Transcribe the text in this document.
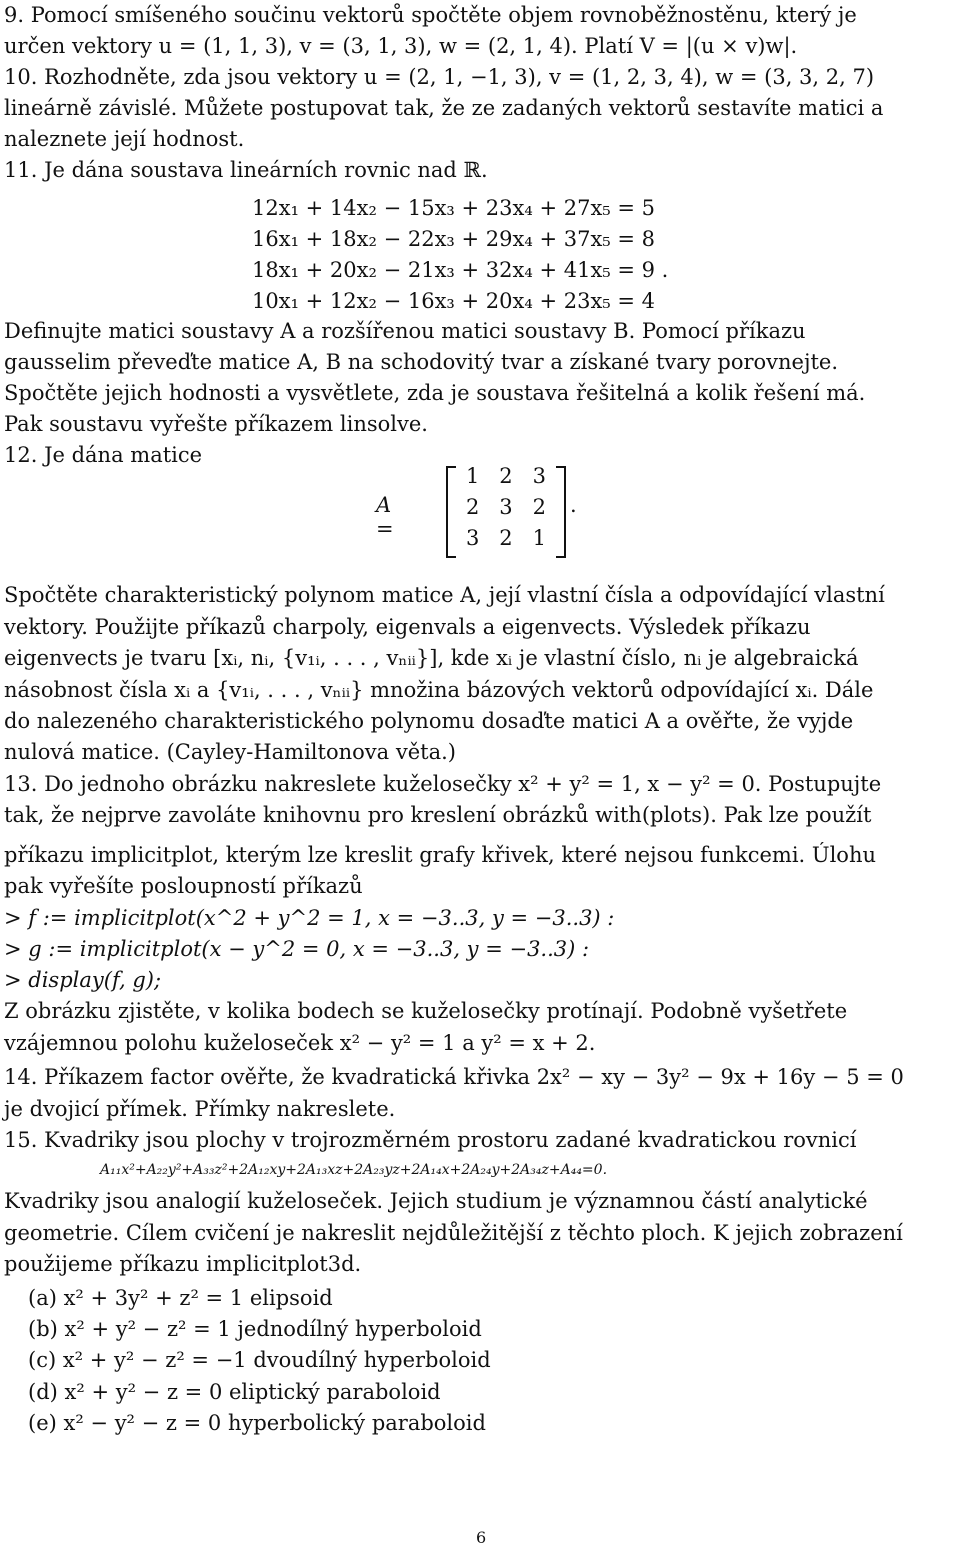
9. Pomocí smíšeného součinu vektorů spočtěte objem rovnoběžnostěnu, který je
určen vektory u = (1, 1, 3), v = (3, 1, 3), w = (2, 1, 4). Platí V = |(u × v)w|.
10. Rozhodněte, zda jsou vektory u = (2, 1, −1, 3), v = (1, 2, 3, 4), w = (3, 3, 2, 7)
lineárně závislé. Můžete postupovat tak, že ze zadaných vektorů sestavíte matici a
naleznete její hodnost.
11. Je dána soustava lineárních rovnic nad ℝ.
12x₁ + 14x₂ − 15x₃ + 23x₄ + 27x₅ = 5
16x₁ + 18x₂ − 22x₃ + 29x₄ + 37x₅ = 8
18x₁ + 20x₂ − 21x₃ + 32x₄ + 41x₅ = 9 .
10x₁ + 12x₂ − 16x₃ + 20x₄ + 23x₅ = 4
Definujte matici soustavy A a rozšířenou matici soustavy B. Pomocí příkazu
gausselim převeďte matice A, B na schodovitý tvar a získané tvary porovnejte.
Spočtěte jejich hodnosti a vysvětlete, zda je soustava řešitelná a kolik řešení má.
Pak soustavu vyřešte příkazem linsolve.
12. Je dána matice
A =
1 2 3
2 3 2
3 2 1
.
Spočtěte charakteristický polynom matice A, její vlastní čísla a odpovídající vlastní
vektory. Použijte příkazů charpoly, eigenvals a eigenvects. Výsledek příkazu
eigenvects je tvaru [xᵢ, nᵢ, {v₁ᵢ, . . . , vₙᵢᵢ}], kde xᵢ je vlastní číslo, nᵢ je algebraická
násobnost čísla xᵢ a {v₁ᵢ, . . . , vₙᵢᵢ} množina bázových vektorů odpovídající xᵢ. Dále
do nalezeného charakteristického polynomu dosaďte matici A a ověřte, že vyjde
nulová matice. (Cayley-Hamiltonova věta.)
13. Do jednoho obrázku nakreslete kuželosečky x² + y² = 1, x − y² = 0. Postupujte
tak, že nejprve zavoláte knihovnu pro kreslení obrázků with(plots). Pak lze použít
příkazu implicitplot, kterým lze kreslit grafy křivek, které nejsou funkcemi. Úlohu
pak vyřešíte posloupností příkazů
> f := implicitplot(x^2 + y^2 = 1, x = −3..3, y = −3..3) :
> g := implicitplot(x − y^2 = 0, x = −3..3, y = −3..3) :
> display(f, g);
Z obrázku zjistěte, v kolika bodech se kuželosečky protínají. Podobně vyšetřete
vzájemnou polohu kuželoseček x² − y² = 1 a y² = x + 2.
14. Příkazem factor ověřte, že kvadratická křivka 2x² − xy − 3y² − 9x + 16y − 5 = 0
je dvojicí přímek. Přímky nakreslete.
15. Kvadriky jsou plochy v trojrozměrném prostoru zadané kvadratickou rovnicí
A₁₁x²+A₂₂y²+A₃₃z²+2A₁₂xy+2A₁₃xz+2A₂₃yz+2A₁₄x+2A₂₄y+2A₃₄z+A₄₄=0.
Kvadriky jsou analogií kuželoseček. Jejich studium je významnou částí analytické
geometrie. Cílem cvičení je nakreslit nejdůležitější z těchto ploch. K jejich zobrazení
použijeme příkazu implicitplot3d.
(a) x² + 3y² + z² = 1 elipsoid
(b) x² + y² − z² = 1 jednodílný hyperboloid
(c) x² + y² − z² = −1 dvoudílný hyperboloid
(d) x² + y² − z = 0 eliptický paraboloid
(e) x² − y² − z = 0 hyperbolický paraboloid
6
